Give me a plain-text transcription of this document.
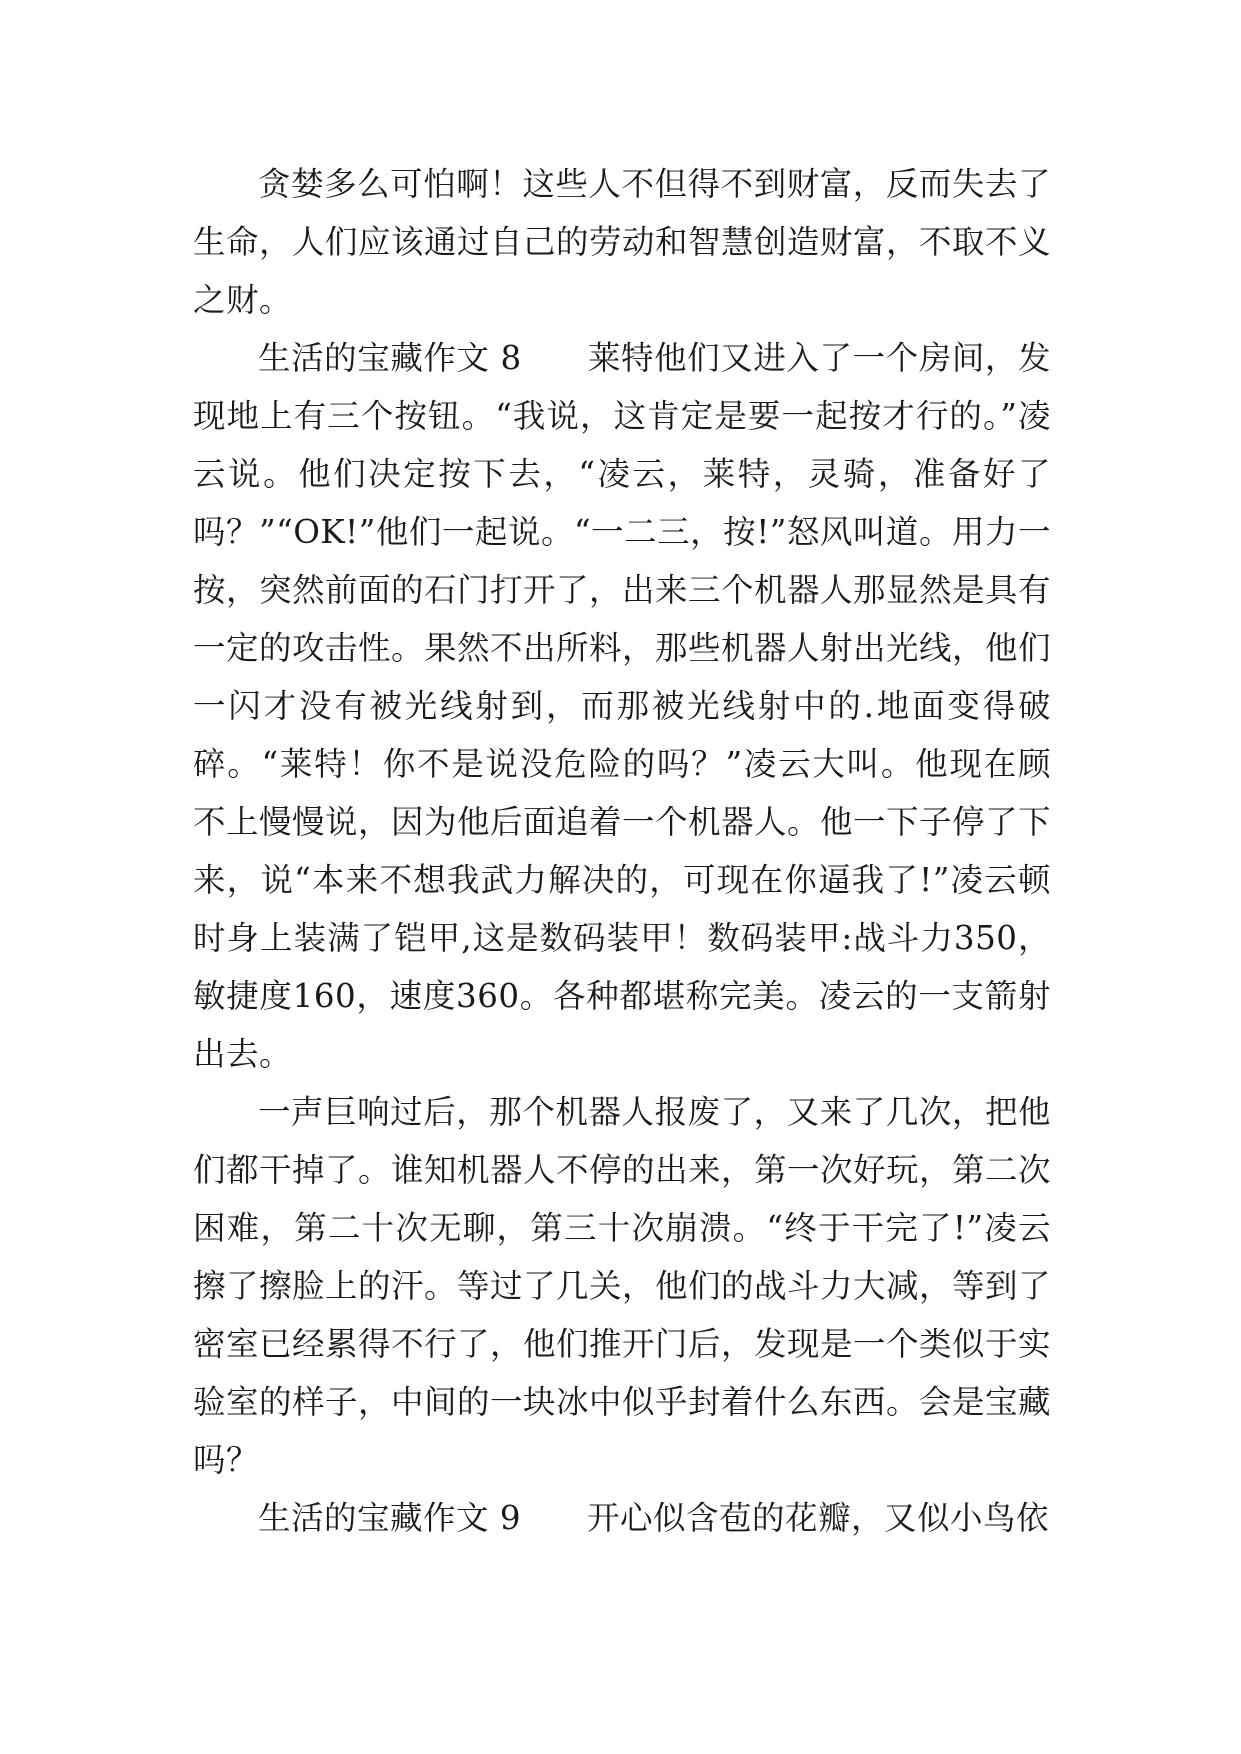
贪婪多么可怕啊！这些人不但得不到财富，反而失去了生命，人们应该通过自己的劳动和智慧创造财富，不取不义之财。

生活的宝藏作文 8　　莱特他们又进入了一个房间，发现地上有三个按钮。“我说，这肯定是要一起按才行的。”凌云说。他们决定按下去，“凌云，莱特，灵骑，准备好了吗？”“OK!”他们一起说。“一二三，按!”怒风叫道。用力一按，突然前面的石门打开了，出来三个机器人那显然是具有一定的攻击性。果然不出所料，那些机器人射出光线，他们一闪才没有被光线射到，而那被光线射中的.地面变得破碎。“莱特！你不是说没危险的吗？”凌云大叫。他现在顾不上慢慢说，因为他后面追着一个机器人。他一下子停了下来，说“本来不想我武力解决的，可现在你逼我了!”凌云顿时身上装满了铠甲,这是数码装甲！数码装甲:战斗力350，敏捷度160，速度360。各种都堪称完美。凌云的一支箭射出去。

一声巨响过后，那个机器人报废了，又来了几次，把他们都干掉了。谁知机器人不停的出来，第一次好玩，第二次困难，第二十次无聊，第三十次崩溃。“终于干完了!”凌云擦了擦脸上的汗。等过了几关，他们的战斗力大减，等到了密室已经累得不行了，他们推开门后，发现是一个类似于实验室的样子，中间的一块冰中似乎封着什么东西。会是宝藏吗？

生活的宝藏作文 9　　开心似含苞的花瓣，又似小鸟依
